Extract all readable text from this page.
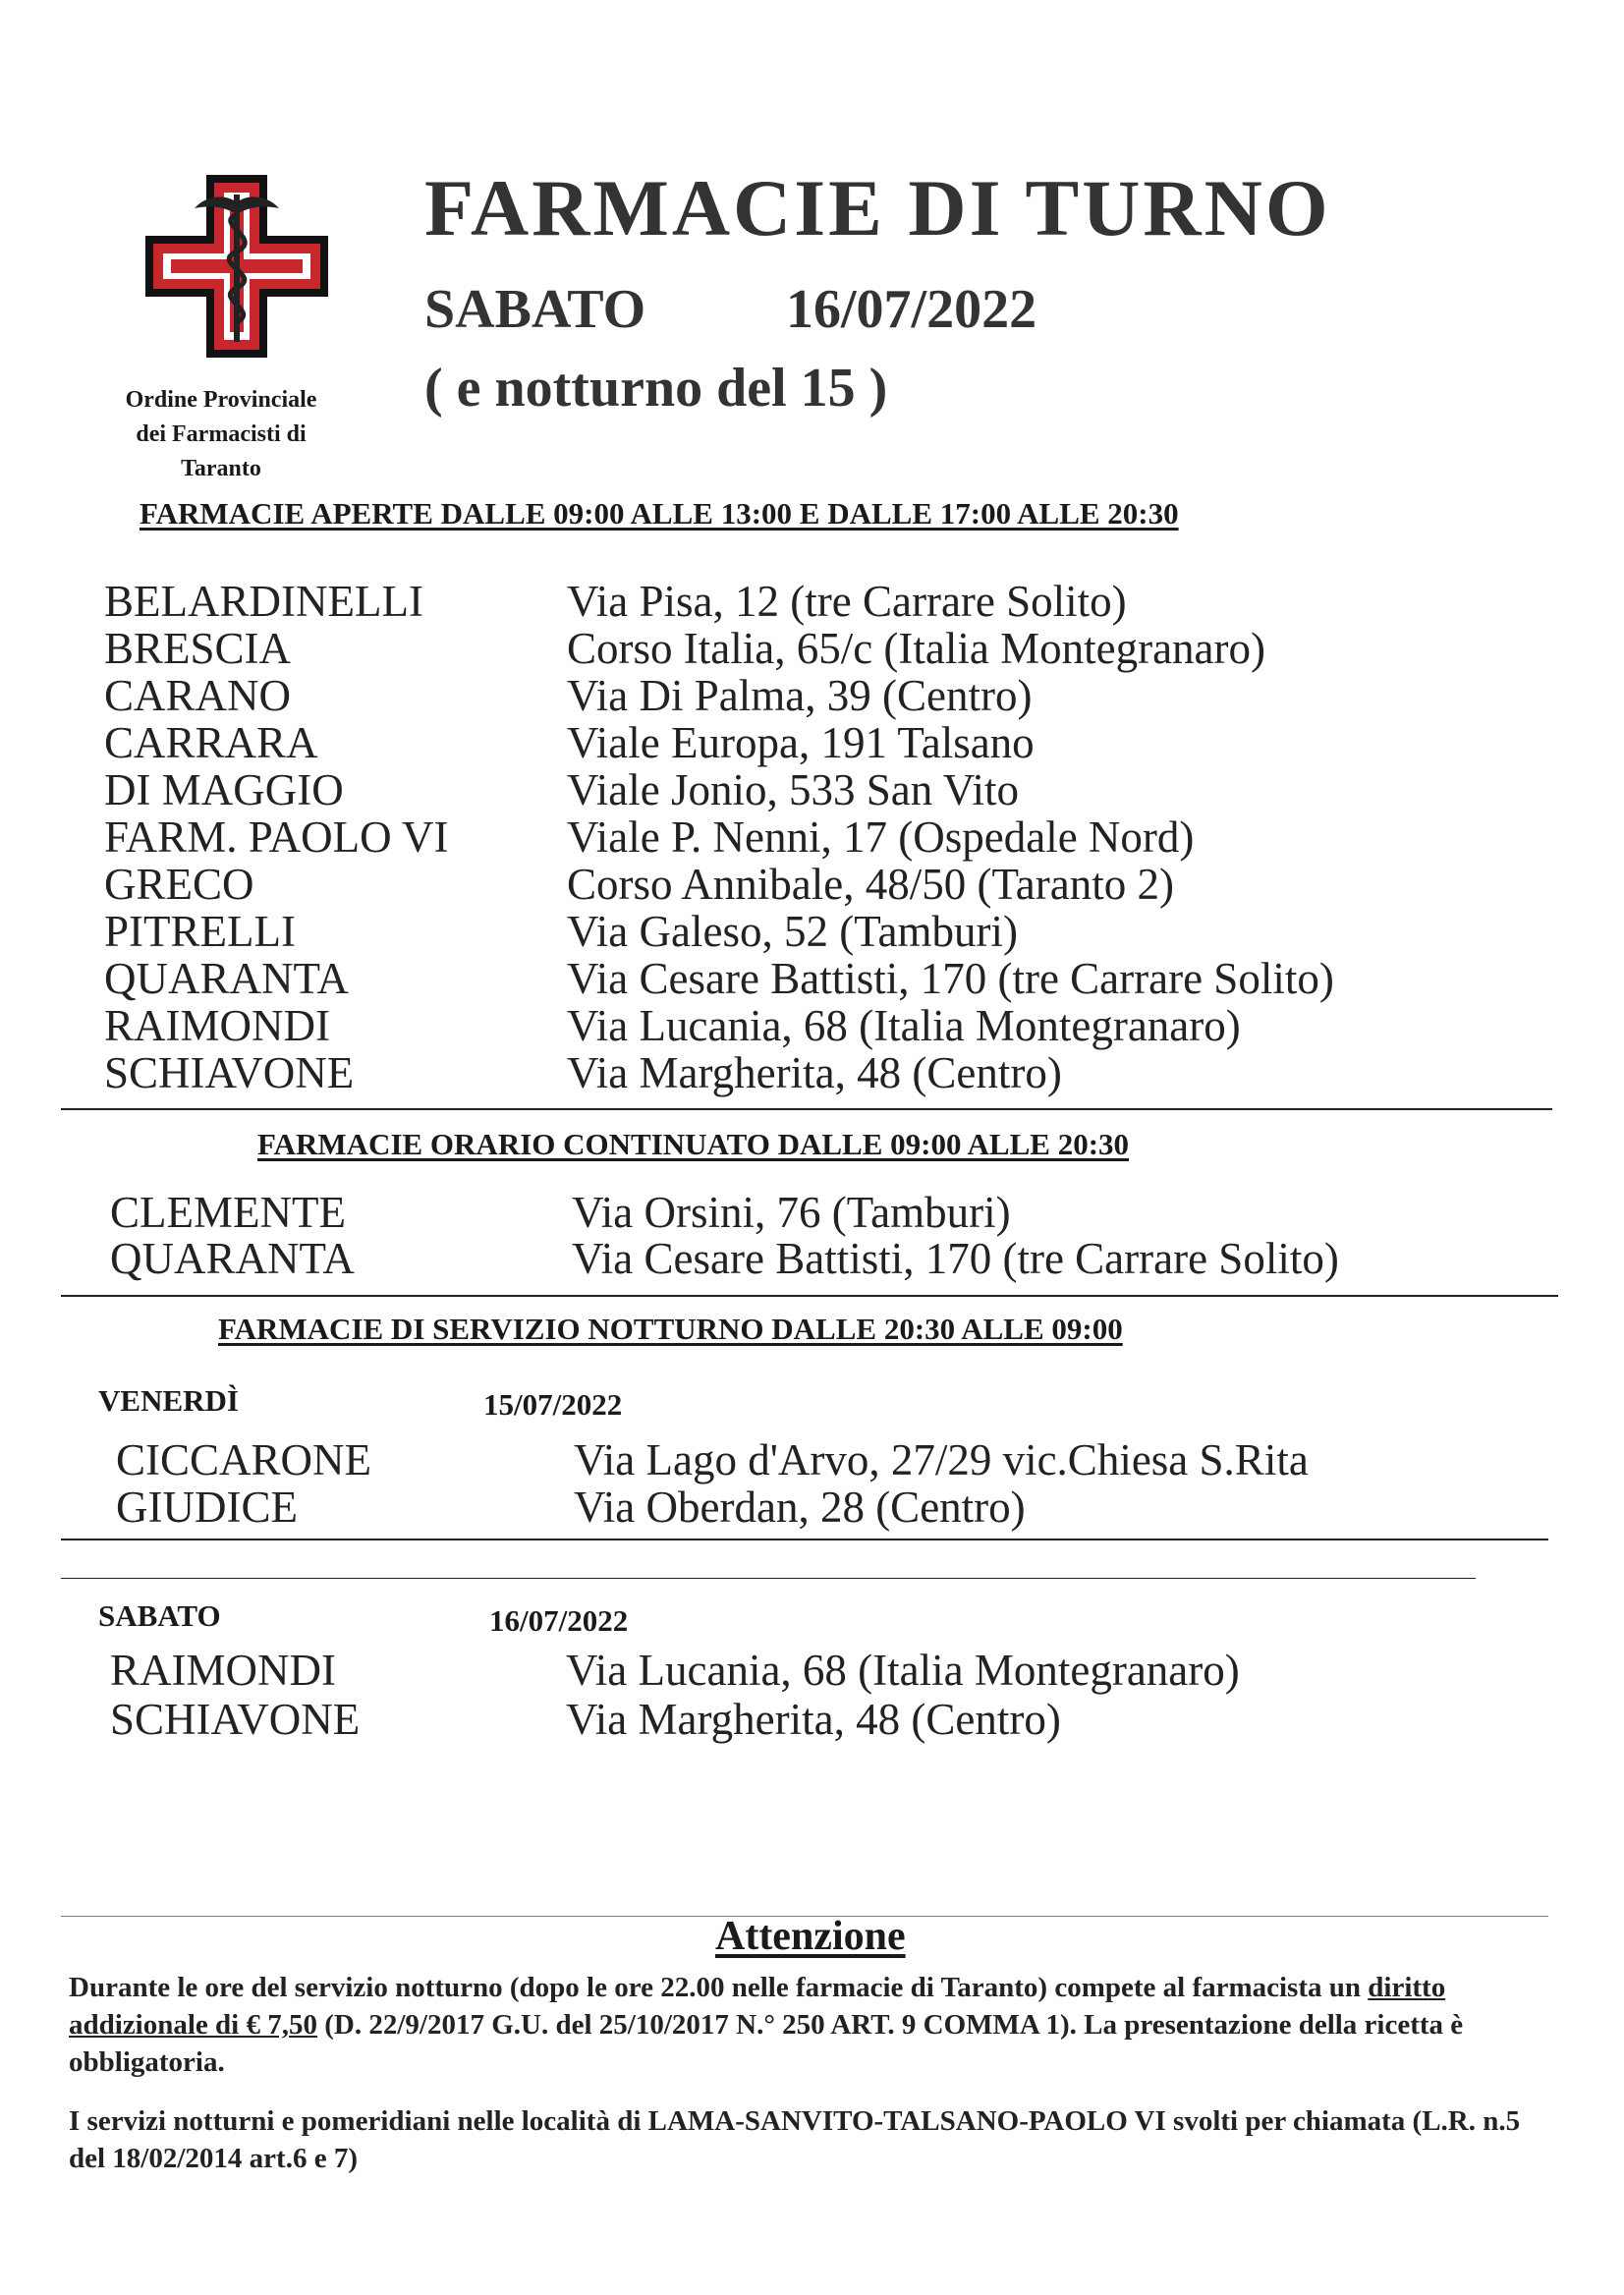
Ordine Provinciale
dei Farmacisti di
Taranto
FARMACIE DI TURNO
SABATO	16/07/2022
( e notturno del 15 )
FARMACIE APERTE DALLE 09:00 ALLE 13:00 E DALLE 17:00 ALLE 20:30
BELARDINELLI	Via Pisa, 12 (tre Carrare Solito)
BRESCIA	Corso Italia, 65/c (Italia Montegranaro)
CARANO	Via Di Palma, 39 (Centro)
CARRARA	Viale Europa, 191 Talsano
DI MAGGIO	Viale Jonio, 533 San Vito
FARM. PAOLO VI	Viale P. Nenni, 17 (Ospedale Nord)
GRECO	Corso Annibale, 48/50 (Taranto 2)
PITRELLI	Via Galeso, 52 (Tamburi)
QUARANTA	Via Cesare Battisti, 170 (tre Carrare Solito)
RAIMONDI	Via Lucania, 68 (Italia Montegranaro)
SCHIAVONE	Via Margherita, 48 (Centro)
FARMACIE ORARIO CONTINUATO DALLE 09:00 ALLE 20:30
CLEMENTE	Via Orsini, 76 (Tamburi)
QUARANTA	Via Cesare Battisti, 170 (tre Carrare Solito)
FARMACIE DI SERVIZIO NOTTURNO DALLE 20:30 ALLE 09:00
VENERDÌ	15/07/2022
CICCARONE	Via Lago d'Arvo, 27/29 vic.Chiesa S.Rita
GIUDICE	Via Oberdan, 28 (Centro)
SABATO	16/07/2022
RAIMONDI	Via Lucania, 68 (Italia Montegranaro)
SCHIAVONE	Via Margherita, 48 (Centro)
Attenzione
Durante le ore del servizio notturno (dopo le ore 22.00 nelle farmacie di Taranto) compete al farmacista un diritto addizionale di € 7,50 (D. 22/9/2017 G.U. del 25/10/2017 N.° 250 ART. 9 COMMA 1). La presentazione della ricetta è obbligatoria.
I servizi notturni e pomeridiani nelle località di LAMA-SANVITO-TALSANO-PAOLO VI svolti per chiamata (L.R. n.5 del 18/02/2014 art.6 e 7)
